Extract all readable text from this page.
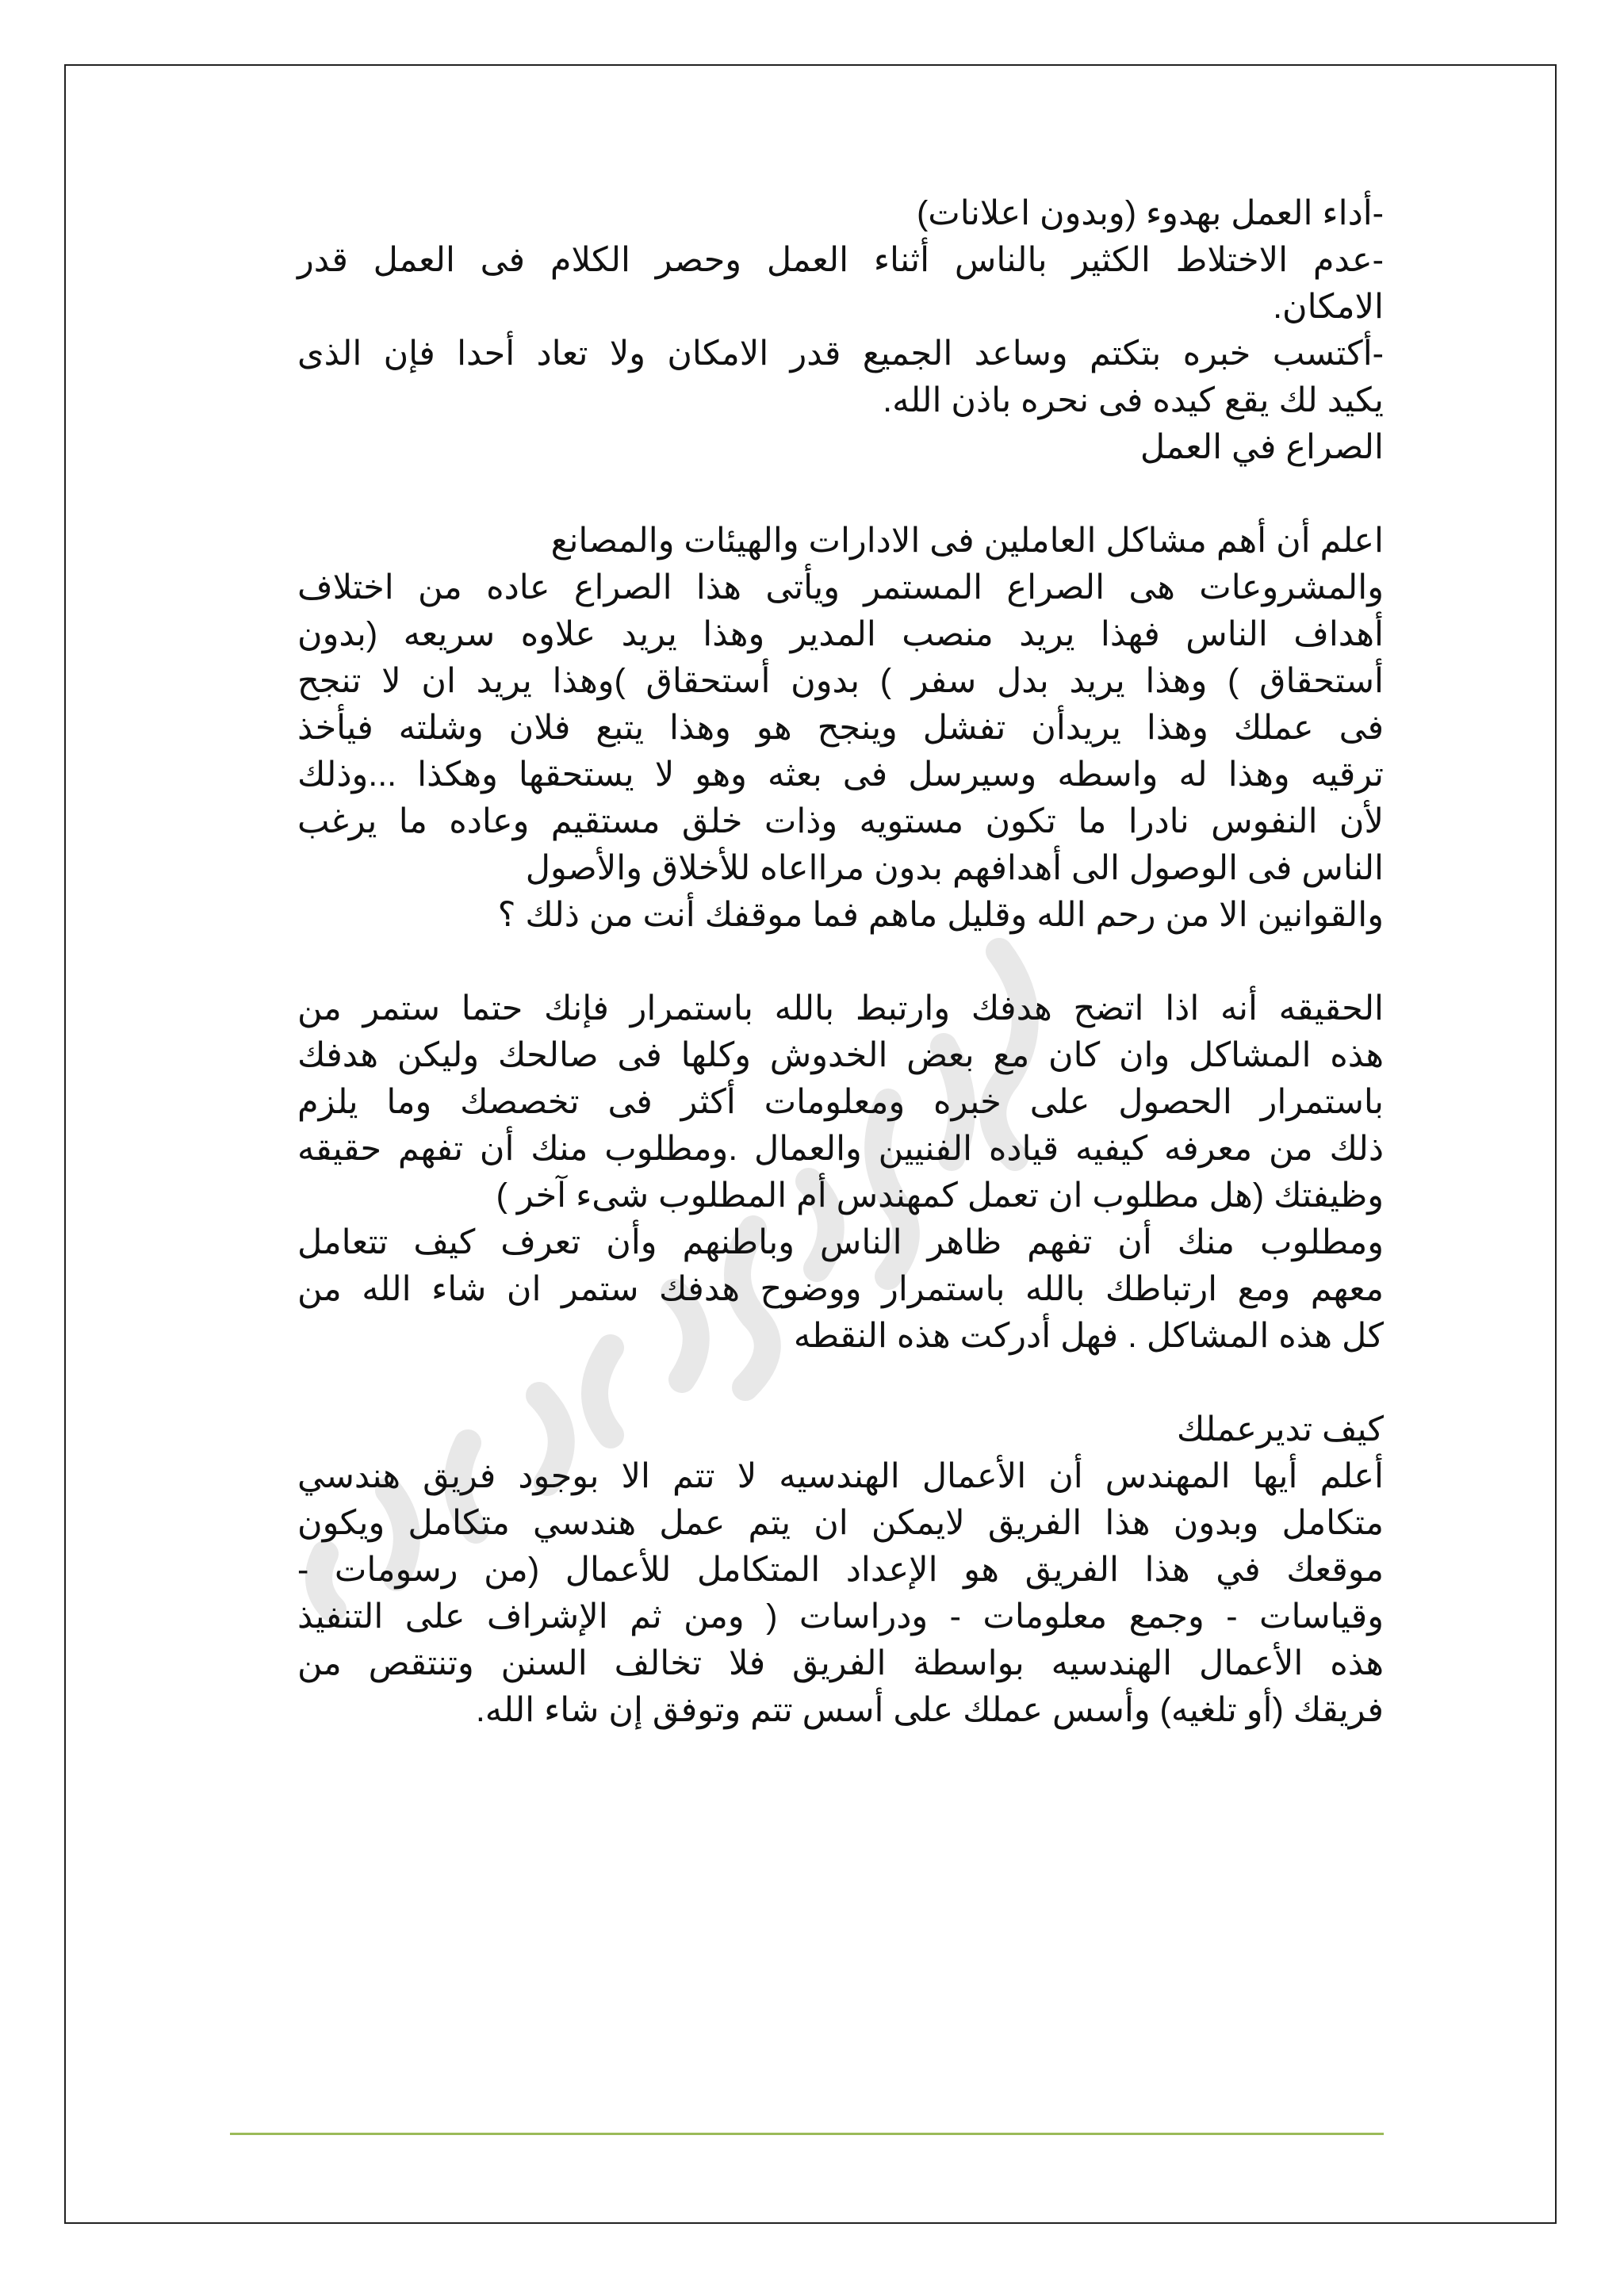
-أداء العمل بهدوء (وبدون اعلانات)
-عدم الاختلاط الكثير بالناس أثناء العمل وحصر الكلام فى العمل قدر
الامكان.
-أكتسب خبره بتكتم وساعد الجميع قدر الامكان ولا تعاد أحدا فإن الذى
يكيد لك يقع كيده فى نحره باذن الله.
الصراع في العمل
اعلم أن أهم مشاكل العاملين فى الادارات والهيئات والمصانع
والمشروعات هى الصراع المستمر ويأتى هذا الصراع عاده من اختلاف
أهداف الناس فهذا يريد منصب المدير وهذا يريد علاوه سريعه (بدون
أستحقاق ) وهذا يريد بدل سفر ) بدون أستحقاق )وهذا يريد ان لا تنجح
فى عملك وهذا يريدأن تفشل وينجح هو وهذا يتبع فلان وشلته فيأخذ
ترقيه وهذا له واسطه وسيرسل فى بعثه وهو لا يستحقها وهكذا ...وذلك
لأن النفوس نادرا ما تكون مستويه وذات خلق مستقيم وعاده ما يرغب
الناس فى الوصول الى أهدافهم بدون مرااعاه للأخلاق والأصول
والقوانين الا من رحم الله وقليل ماهم فما موقفك أنت من ذلك ؟
الحقيقه أنه اذا اتضح هدفك وارتبط بالله باستمرار فإنك حتما ستمر من
هذه المشاكل وان كان مع بعض الخدوش وكلها فى صالحك وليكن هدفك
باستمرار الحصول على خبره ومعلومات أكثر فى تخصصك وما يلزم
ذلك من معرفه كيفيه قياده الفنيين والعمال .ومطلوب منك أن تفهم حقيقه
وظيفتك (هل مطلوب ان تعمل كمهندس أم المطلوب شىء آخر )
ومطلوب منك أن تفهم ظاهر الناس وباطنهم وأن تعرف كيف تتعامل
معهم ومع ارتباطك بالله باستمرار ووضوح هدفك ستمر ان شاء الله من
كل هذه المشاكل . فهل أدركت هذه النقطه
كيف تديرعملك
أعلم أيها المهندس أن الأعمال الهندسيه لا تتم الا بوجود فريق هندسي
متكامل وبدون هذا الفريق لايمكن ان يتم عمل هندسي متكامل ويكون
موقعك في هذا الفريق هو الإعداد المتكامل للأعمال (من رسومات -
وقياسات - وجمع معلومات - ودراسات ( ومن ثم الإشراف على التنفيذ
هذه الأعمال الهندسيه بواسطة الفريق فلا تخالف السنن وتنتقص من
فريقك (أو تلغيه) وأسس عملك على أسس تتم وتوفق إن شاء الله.
